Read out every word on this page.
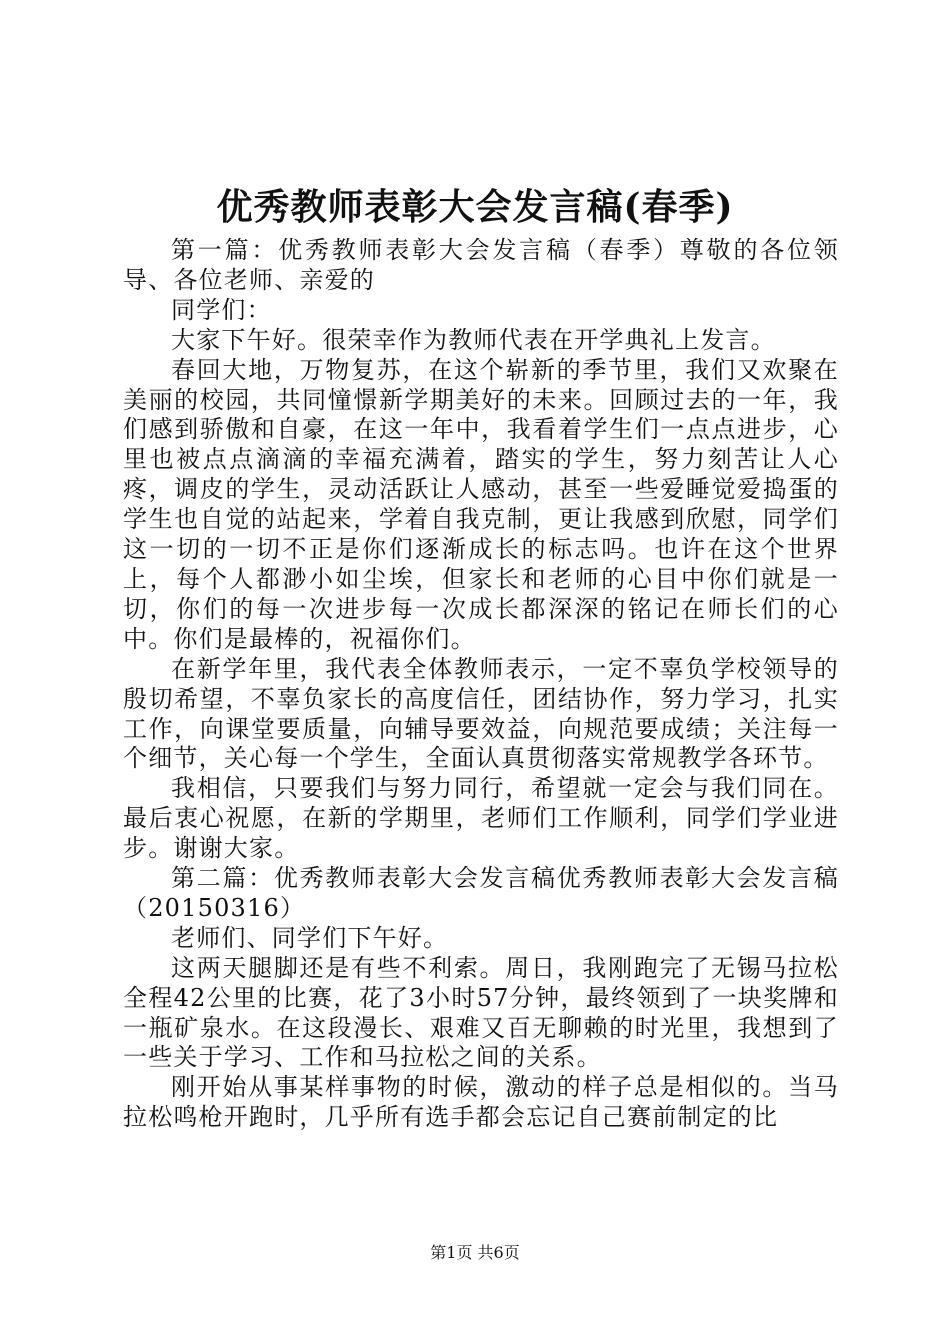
优秀教师表彰大会发言稿(春季)

第一篇：优秀教师表彰大会发言稿（春季）尊敬的各位领导、各位老师、亲爱的

同学们：

大家下午好。很荣幸作为教师代表在开学典礼上发言。

春回大地，万物复苏，在这个崭新的季节里，我们又欢聚在美丽的校园，共同憧憬新学期美好的未来。回顾过去的一年，我们感到骄傲和自豪，在这一年中，我看着学生们一点点进步，心里也被点点滴滴的幸福充满着，踏实的学生，努力刻苦让人心疼，调皮的学生，灵动活跃让人感动，甚至一些爱睡觉爱捣蛋的学生也自觉的站起来，学着自我克制，更让我感到欣慰，同学们这一切的一切不正是你们逐渐成长的标志吗。也许在这个世界上，每个人都渺小如尘埃，但家长和老师的心目中你们就是一切，你们的每一次进步每一次成长都深深的铭记在师长们的心中。你们是最棒的，祝福你们。

在新学年里，我代表全体教师表示，一定不辜负学校领导的殷切希望，不辜负家长的高度信任，团结协作，努力学习，扎实工作，向课堂要质量，向辅导要效益，向规范要成绩；关注每一个细节，关心每一个学生，全面认真贯彻落实常规教学各环节。

我相信，只要我们与努力同行，希望就一定会与我们同在。最后衷心祝愿，在新的学期里，老师们工作顺利，同学们学业进步。谢谢大家。

第二篇：优秀教师表彰大会发言稿优秀教师表彰大会发言稿（20150316）

老师们、同学们下午好。

这两天腿脚还是有些不利索。周日，我刚跑完了无锡马拉松全程42公里的比赛，花了3小时57分钟，最终领到了一块奖牌和一瓶矿泉水。在这段漫长、艰难又百无聊赖的时光里，我想到了一些关于学习、工作和马拉松之间的关系。

刚开始从事某样事物的时候，激动的样子总是相似的。当马拉松鸣枪开跑时，几乎所有选手都会忘记自己赛前制定的比

第1页 共6页
